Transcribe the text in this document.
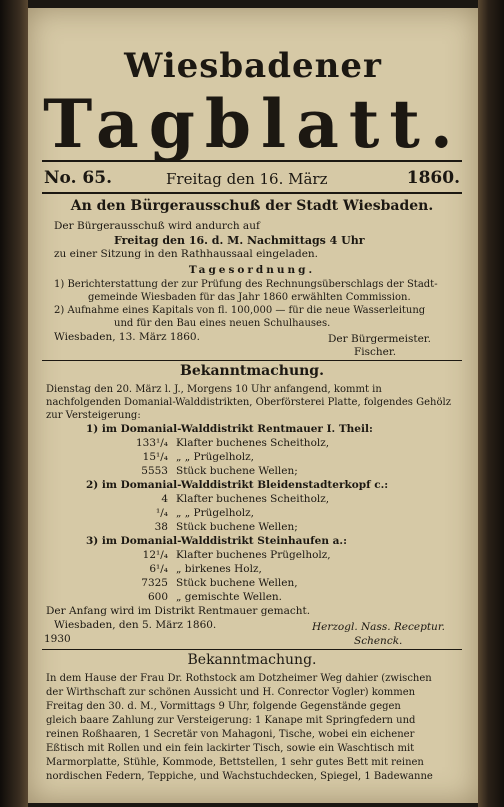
Wiesbadener
Tagblatt.
No. 65.	Freitag den 16. März	1860.
An den Bürgerausschuß der Stadt Wiesbaden.
Der Bürgerausschuß wird andurch auf
Freitag den 16. d. M. Nachmittags 4 Uhr
zu einer Sitzung in den Rathhaussaal eingeladen.
Tagesordnung.
1) Berichterstattung der zur Prüfung des Rechnungsüberschlags der Stadt-
gemeinde Wiesbaden für das Jahr 1860 erwählten Commission.
2) Aufnahme eines Kapitals von fl. 100,000 — für die neue Wasserleitung
und für den Bau eines neuen Schulhauses.
Wiesbaden, 13. März 1860.	Der Bürgermeister.
Fischer.
Bekanntmachung.
Dienstag den 20. März l. J., Morgens 10 Uhr anfangend, kommt in
nachfolgenden Domanial-Walddistrikten, Oberförsterei Platte, folgendes Gehölz
zur Versteigerung:
1) im Domanial-Walddistrikt Rentmauer I. Theil:
133¹/₄ Klafter buchenes Scheitholz,
15¹/₄ „ „ Prügelholz,
5553 Stück buchene Wellen;
2) im Domanial-Walddistrikt Bleidenstadterkopf c.:
4 Klafter buchenes Scheitholz,
¹/₄ „ „ Prügelholz,
38 Stück buchene Wellen;
3) im Domanial-Walddistrikt Steinhaufen a.:
12¹/₄ Klafter buchenes Prügelholz,
6¹/₄ „ birkenes Holz,
7325 Stück buchene Wellen,
600 „ gemischte Wellen.
Der Anfang wird im Distrikt Rentmauer gemacht.
Wiesbaden, den 5. März 1860.
1930
Herzogl. Nass. Receptur.
Schenck.
Bekanntmachung.
In dem Hause der Frau Dr. Rothstock am Dotzheimer Weg dahier (zwischen
der Wirthschaft zur schönen Aussicht und H. Conrector Vogler) kommen
Freitag den 30. d. M., Vormittags 9 Uhr, folgende Gegenstände gegen
gleich baare Zahlung zur Versteigerung: 1 Kanape mit Springfedern und
reinen Roßhaaren, 1 Secretär von Mahagoni, Tische, wobei ein eichener
Eßtisch mit Rollen und ein fein lackirter Tisch, sowie ein Waschtisch mit
Marmorplatte, Stühle, Kommode, Bettstellen, 1 sehr gutes Bett mit reinen
nordischen Federn, Teppiche, und Wachstuchdecken, Spiegel, 1 Badewanne
